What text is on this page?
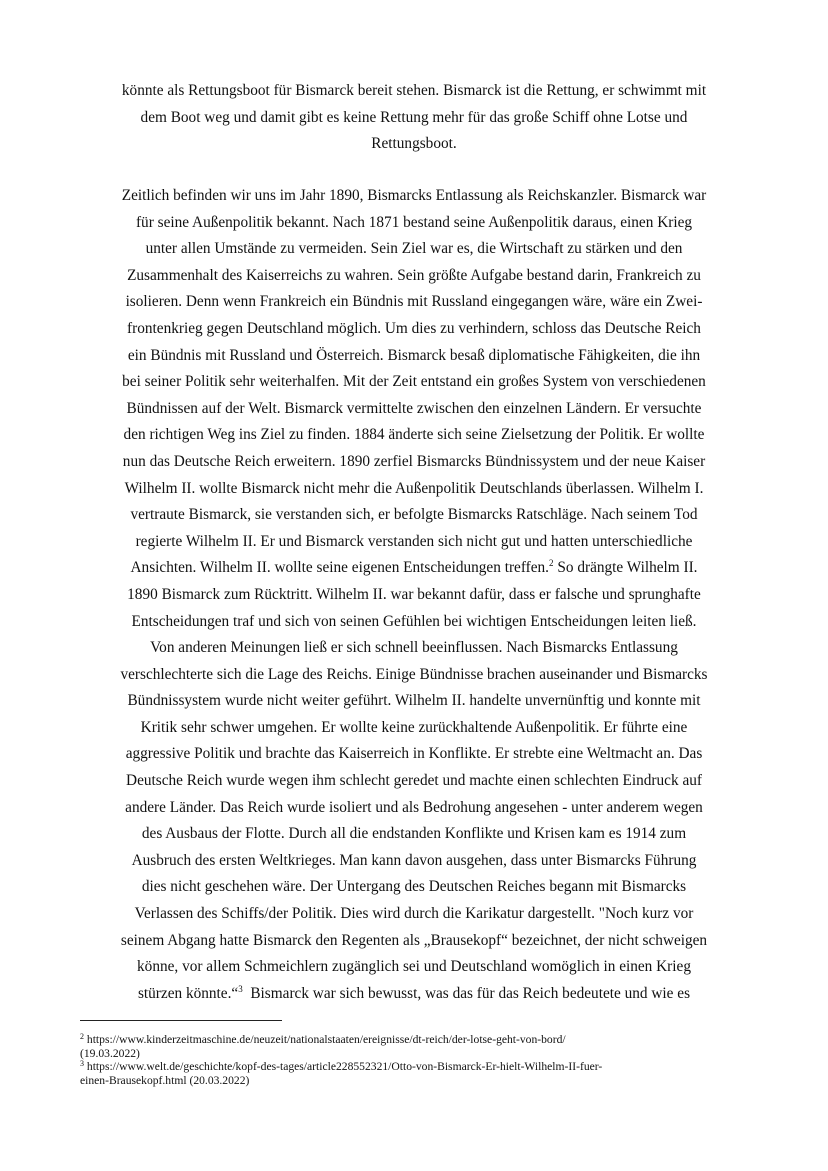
könnte als Rettungsboot für Bismarck bereit stehen. Bismarck ist die Rettung, er schwimmt mit
dem Boot weg und damit gibt es keine Rettung mehr für das große Schiff ohne Lotse und
Rettungsboot.
Zeitlich befinden wir uns im Jahr 1890, Bismarcks Entlassung als Reichskanzler. Bismarck war
für seine Außenpolitik bekannt. Nach 1871 bestand seine Außenpolitik daraus, einen Krieg
unter allen Umstände zu vermeiden. Sein Ziel war es, die Wirtschaft zu stärken und den
Zusammenhalt des Kaiserreichs zu wahren. Sein größte Aufgabe bestand darin, Frankreich zu
isolieren. Denn wenn Frankreich ein Bündnis mit Russland eingegangen wäre, wäre ein Zwei-
frontenkrieg gegen Deutschland möglich. Um dies zu verhindern, schloss das Deutsche Reich
ein Bündnis mit Russland und Österreich. Bismarck besaß diplomatische Fähigkeiten, die ihn
bei seiner Politik sehr weiterhalfen. Mit der Zeit entstand ein großes System von verschiedenen
Bündnissen auf der Welt. Bismarck vermittelte zwischen den einzelnen Ländern. Er versuchte
den richtigen Weg ins Ziel zu finden. 1884 änderte sich seine Zielsetzung der Politik. Er wollte
nun das Deutsche Reich erweitern. 1890 zerfiel Bismarcks Bündnissystem und der neue Kaiser
Wilhelm II. wollte Bismarck nicht mehr die Außenpolitik Deutschlands überlassen. Wilhelm I.
vertraute Bismarck, sie verstanden sich, er befolgte Bismarcks Ratschläge. Nach seinem Tod
regierte Wilhelm II. Er und Bismarck verstanden sich nicht gut und hatten unterschiedliche
Ansichten. Wilhelm II. wollte seine eigenen Entscheidungen treffen.$^2$ So drängte Wilhelm II.
1890 Bismarck zum Rücktritt. Wilhelm II. war bekannt dafür, dass er falsche und sprunghafte
Entscheidungen traf und sich von seinen Gefühlen bei wichtigen Entscheidungen leiten ließ.
Von anderen Meinungen ließ er sich schnell beeinflussen. Nach Bismarcks Entlassung
verschlechterte sich die Lage des Reichs. Einige Bündnisse brachen auseinander und Bismarcks
Bündnissystem wurde nicht weiter geführt. Wilhelm II. handelte unvernünftig und konnte mit
Kritik sehr schwer umgehen. Er wollte keine zurückhaltende Außenpolitik. Er führte eine
aggressive Politik und brachte das Kaiserreich in Konflikte. Er strebte eine Weltmacht an. Das
Deutsche Reich wurde wegen ihm schlecht geredet und machte einen schlechten Eindruck auf
andere Länder. Das Reich wurde isoliert und als Bedrohung angesehen - unter anderem wegen
des Ausbaus der Flotte. Durch all die endstanden Konflikte und Krisen kam es 1914 zum
Ausbruch des ersten Weltkrieges. Man kann davon ausgehen, dass unter Bismarcks Führung
dies nicht geschehen wäre. Der Untergang des Deutschen Reiches begann mit Bismarcks
Verlassen des Schiffs/der Politik. Dies wird durch die Karikatur dargestellt. "Noch kurz vor
seinem Abgang hatte Bismarck den Regenten als „Brausekopf“ bezeichnet, der nicht schweigen
könne, vor allem Schmeichlern zugänglich sei und Deutschland womöglich in einen Krieg
stürzen könnte.“$^3$ Bismarck war sich bewusst, was das für das Reich bedeutete und wie es
$^2$ https://www.kinderzeitmaschine.de/neuzeit/nationalstaaten/ereignisse/dt-reich/der-lotse-geht-von-bord/
(19.03.2022)
$^3$ https://www.welt.de/geschichte/kopf-des-tages/article228552321/Otto-von-Bismarck-Er-hielt-Wilhelm-II-fuer-
einen-Brausekopf.html (20.03.2022)
